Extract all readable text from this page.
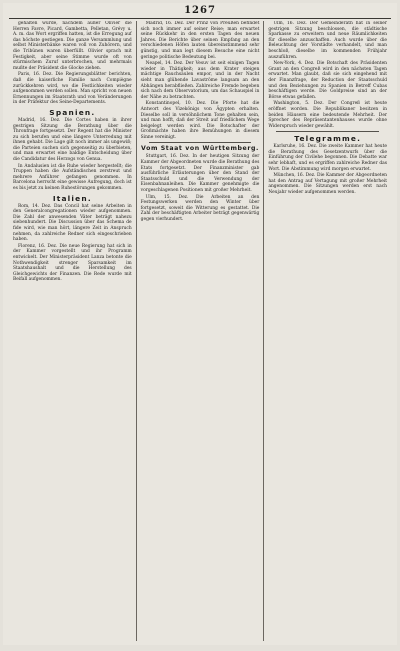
1267

gehalten wurde, nachdem außer Olivier die Herren Favre, Picard, Gambetta, Pelletan, Grévy u. A. m. das Wort ergriffen hatten, ist die Erregung auf das höchste gestiegen. Die ganze Versammlung und selbst Ministerbänke waren voll von Zuhörern, und die Tribünen waren überfüllt. Olivier sprach mit Festigkeit, aber seine Stimme wurde oft von stürmischem Zuruf unterbrochen, und mehrmals mußte der Präsident die Glocke ziehen.

Paris, 16. Dez. Die Regierungsblätter berichten, daß die kaiserliche Familie nach Compiègne zurückkehren wird, wo die Festlichkeiten wieder aufgenommen werden sollen. Man spricht von neuen Ernennungen im Staatsrath und von Veränderungen in der Präfektur des Seine-Departements.

Spanien.

Madrid, 16. Dez. Die Cortes haben in ihrer gestrigen Sitzung die Berathung über die Thronfrage fortgesetzt. Der Regent hat die Minister zu sich berufen und eine längere Unterredung mit ihnen gehabt. Die Lage gilt noch immer als ungewiß; die Parteien suchen sich gegenseitig zu überbieten, und man erwartet eine baldige Entscheidung über die Candidatur des Herzogs von Genua.

In Andalusien ist die Ruhe wieder hergestellt; die Truppen haben die Aufständischen zerstreut und mehrere Anführer gefangen genommen. In Barcelona herrscht eine gewisse Aufregung, doch ist es bis jetzt zu keinen Ruhestörungen gekommen.

Italien.

Rom, 14. Dez. Das Concil hat seine Arbeiten in den Generalcongregationen wieder aufgenommen. Die Zahl der anwesenden Väter beträgt nahezu siebenhundert. Die Discussion über das Schema de fide wird, wie man hört, längere Zeit in Anspruch nehmen, da zahlreiche Redner sich eingeschrieben haben.

Florenz, 16. Dez. Die neue Regierung hat sich in der Kammer vorgestellt und ihr Programm entwickelt. Der Ministerpräsident Lanza betonte die Nothwendigkeit strenger Sparsamkeit im Staatshaushalt und die Herstellung des Gleichgewichts der Finanzen. Die Rede wurde mit Beifall aufgenommen.

Madrid, 16. Dez. Der Prinz von Preußen befindet sich noch immer auf seiner Reise; man erwartet seine Rückkehr in den ersten Tagen des neuen Jahres. Die Berichte über seinen Empfang an den verschiedenen Höfen lauten übereinstimmend sehr günstig, und man legt diesem Besuche eine nicht geringe politische Bedeutung bei.

Neapel, 14. Dez. Der Vesuv ist seit einigen Tagen wieder in Thätigkeit; aus dem Krater steigen mächtige Rauchsäulen empor, und in der Nacht sieht man glühende Lavaströme langsam an den Abhängen herabfließen. Zahlreiche Fremde begeben sich nach dem Observatorium, um das Schauspiel in der Nähe zu betrachten.

Konstantinopel, 10. Dez. Die Pforte hat die Antwort des Vizekönigs von Ägypten erhalten. Dieselbe soll in versöhnlichem Tone gehalten sein, und man hofft, daß der Streit auf friedlichem Wege beigelegt werden wird. Die Botschafter der Großmächte haben ihre Bemühungen in diesem Sinne vereinigt.

Vom Staat von Württemberg.

Stuttgart, 16. Dez. In der heutigen Sitzung der Kammer der Abgeordneten wurde die Berathung des Etats fortgesetzt. Der Finanzminister gab ausführliche Erläuterungen über den Stand der Staatsschuld und die Verwendung der Eisenbahnanleihen. Die Kammer genehmigte die vorgeschlagenen Positionen mit großer Mehrheit.

Ulm, 15. Dez. Die Arbeiten an den Festungswerken werden den Winter über fortgesetzt, soweit die Witterung es gestattet. Die Zahl der beschäftigten Arbeiter beträgt gegenwärtig gegen vierhundert.

Ulm, 16. Dez. Der Gemeinderath hat in seiner gestrigen Sitzung beschlossen, die städtische Sparkasse zu erweitern und neue Räumlichkeiten für dieselbe anzuschaffen. Auch wurde über die Beleuchtung der Vorstädte verhandelt, und man beschloß, dieselbe im kommenden Frühjahr auszuführen.

New-York, 4. Dez. Die Botschaft des Präsidenten Grant an den Congreß wird in den nächsten Tagen erwartet. Man glaubt, daß sie sich eingehend mit der Finanzfrage, der Reduction der Staatsschuld und den Beziehungen zu Spanien in Betreff Cubas beschäftigen werde. Die Goldpreise sind an der Börse etwas gefallen.

Washington, 5. Dez. Der Congreß ist heute eröffnet worden. Die Republikaner besitzen in beiden Häusern eine bedeutende Mehrheit. Der Sprecher des Repräsentantenhauses wurde ohne Widerspruch wieder gewählt.

Telegramme.

Karlsruhe, 16. Dez. Die zweite Kammer hat heute die Berathung des Gesetzentwurfs über die Einführung der Civilehe begonnen. Die Debatte war sehr lebhaft, und es ergriffen zahlreiche Redner das Wort. Die Abstimmung wird morgen erwartet.

München, 16. Dez. Die Kammer der Abgeordneten hat den Antrag auf Vertagung mit großer Mehrheit angenommen. Die Sitzungen werden erst nach Neujahr wieder aufgenommen werden.
